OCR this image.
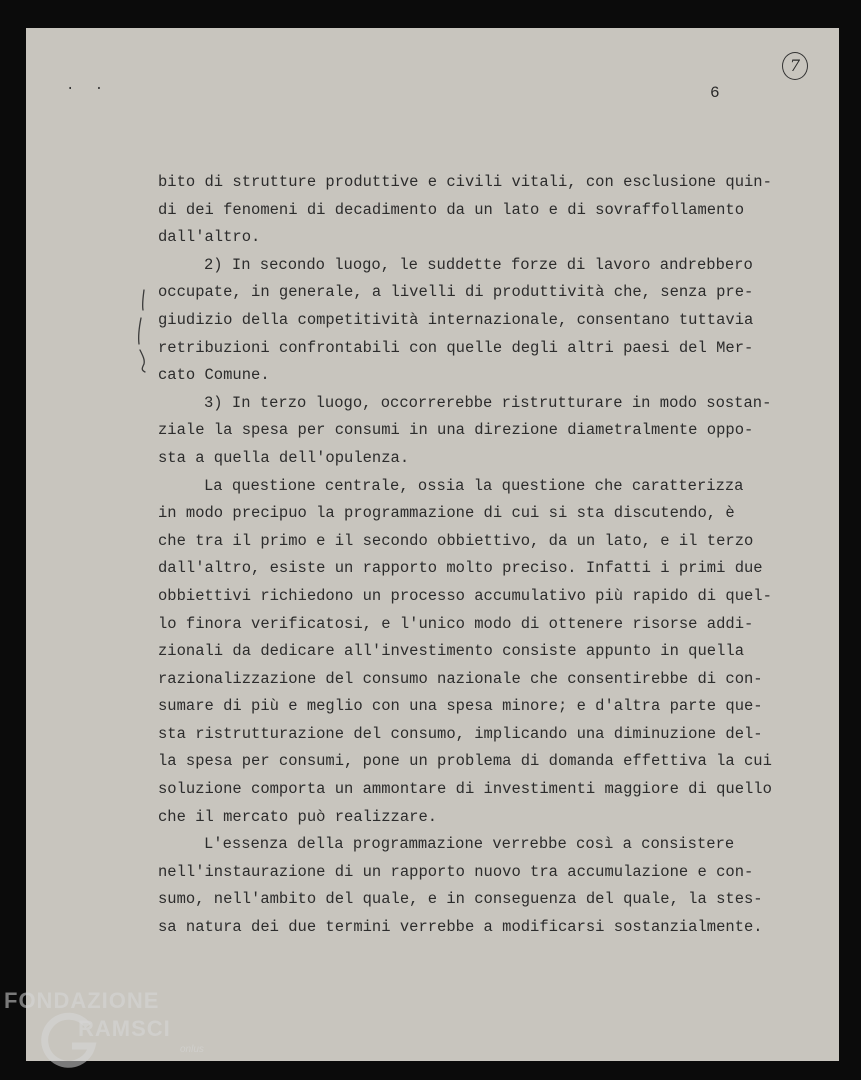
. .	6
7
bito di strutture produttive e civili vitali, con esclusione quin-
di dei fenomeni di decadimento da un lato e di sovraffollamento
dall'altro.
2) In secondo luogo, le suddette forze di lavoro andrebbero
occupate, in generale, a livelli di produttività che, senza pre-
giudizio della competitività internazionale, consentano tuttavia
retribuzioni confrontabili con quelle degli altri paesi del Mer-
cato Comune.
3) In terzo luogo, occorrerebbe ristrutturare in modo sostan-
ziale la spesa per consumi in una direzione diametralmente oppo-
sta a quella dell'opulenza.
La questione centrale, ossia la questione che caratterizza
in modo precipuo la programmazione di cui si sta discutendo, è
che tra il primo e il secondo obbiettivo, da un lato, e il terzo
dall'altro, esiste un rapporto molto preciso. Infatti i primi due
obbiettivi richiedono un processo accumulativo più rapido di quel-
lo finora verificatosi, e l'unico modo di ottenere risorse addi-
zionali da dedicare all'investimento consiste appunto in quella
razionalizzazione del consumo nazionale che consentirebbe di con-
sumare di più e meglio con una spesa minore; e d'altra parte que-
sta ristrutturazione del consumo, implicando una diminuzione del-
la spesa per consumi, pone un problema di domanda effettiva la cui
soluzione comporta un ammontare di investimenti maggiore di quello
che il mercato può realizzare.
L'essenza della programmazione verrebbe così a consistere
nell'instaurazione di un rapporto nuovo tra accumulazione e con-
sumo, nell'ambito del quale, e in conseguenza del quale, la stes-
sa natura dei due termini verrebbe a modificarsi sostanzialmente.
FONDAZIONE
RAMSCI
onlus
